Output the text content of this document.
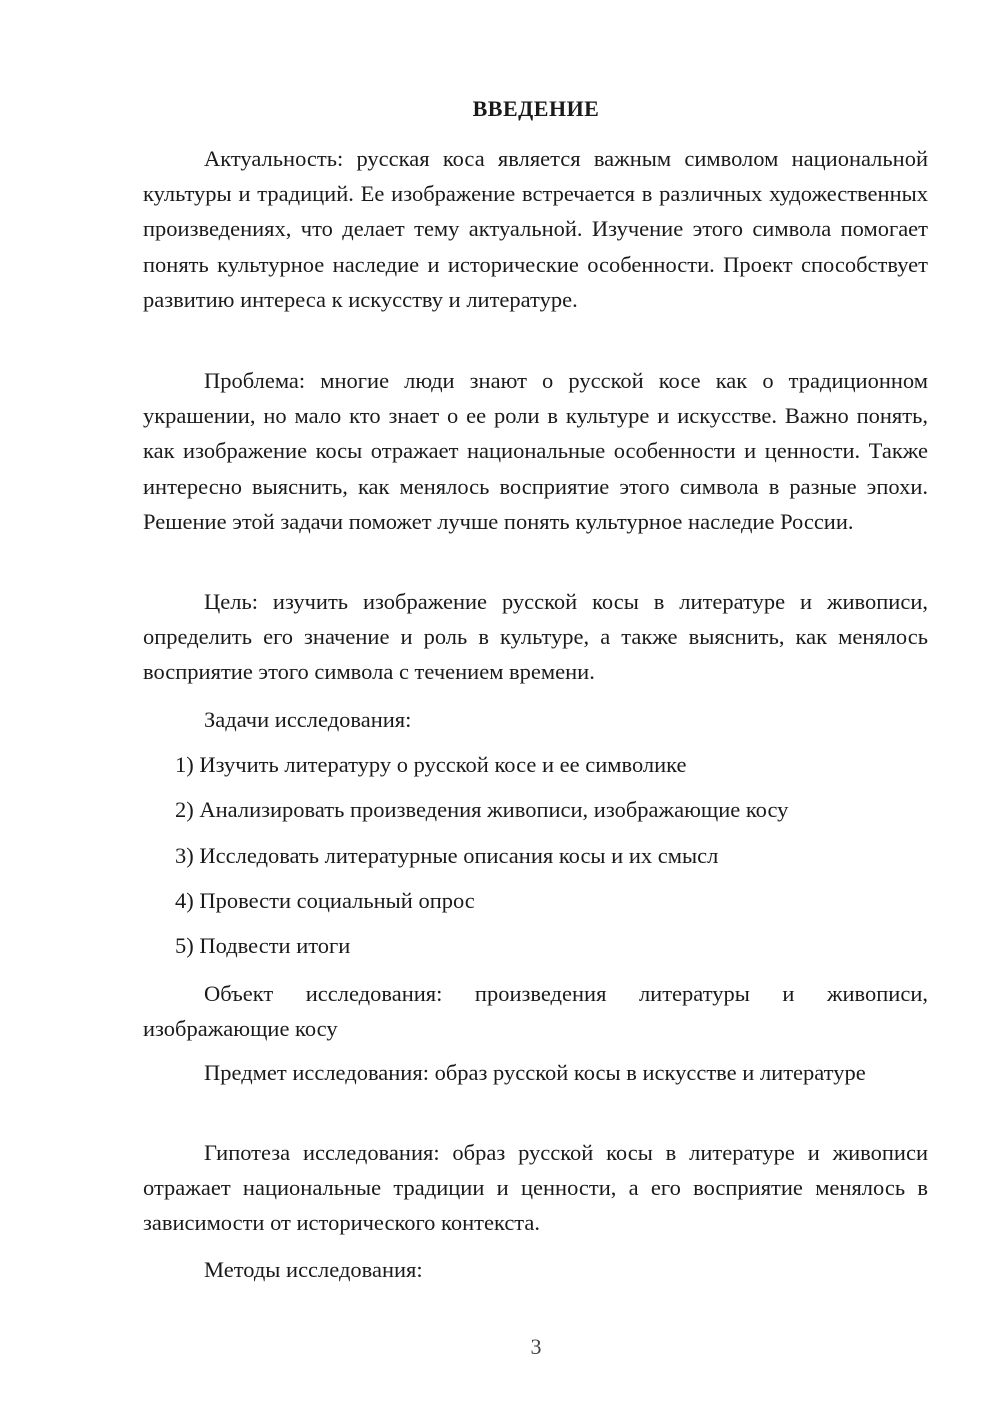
ВВЕДЕНИЕ

Актуальность: русская коса является важным символом национальной культуры и традиций. Ее изображение встречается в различных художественных произведениях, что делает тему актуальной. Изучение этого символа помогает понять культурное наследие и исторические особенности. Проект способствует развитию интереса к искусству и литературе.

Проблема: многие люди знают о русской косе как о традиционном украшении, но мало кто знает о ее роли в культуре и искусстве. Важно понять, как изображение косы отражает национальные особенности и ценности. Также интересно выяснить, как менялось восприятие этого символа в разные эпохи. Решение этой задачи поможет лучше понять культурное наследие России.

Цель: изучить изображение русской косы в литературе и живописи, определить его значение и роль в культуре, а также выяснить, как менялось восприятие этого символа с течением времени.

Задачи исследования:

1) Изучить литературу о русской косе и ее символике
2) Анализировать произведения живописи, изображающие косу
3) Исследовать литературные описания косы и их смысл
4) Провести социальный опрос
5) Подвести итоги

Объект исследования: произведения литературы и живописи, изображающие косу

Предмет исследования: образ русской косы в искусстве и литературе

Гипотеза исследования: образ русской косы в литературе и живописи отражает национальные традиции и ценности, а его восприятие менялось в зависимости от исторического контекста.

Методы исследования:

3
